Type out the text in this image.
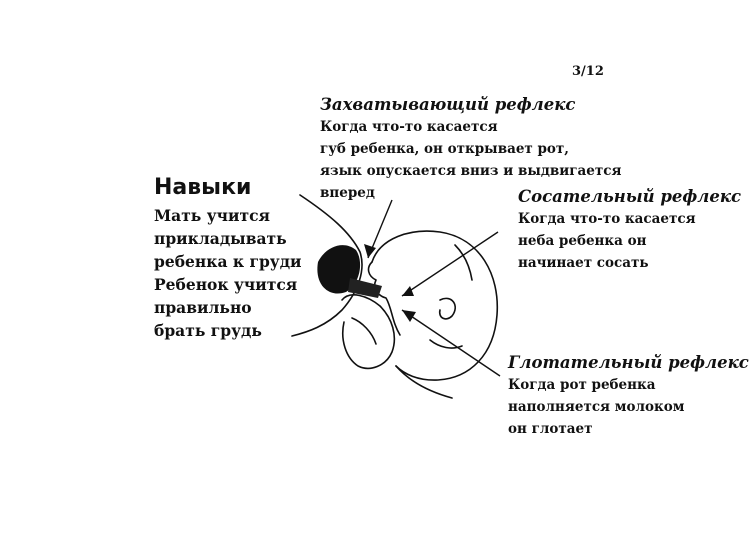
3/12
Навыки
Мать учится
прикладывать
ребенка к груди
Ребенок учится
правильно
брать грудь
Захватывающий рефлекс
Когда что-то касается
губ ребенка, он открывает рот,
язык опускается вниз и выдвигается
вперед	Сосательный рефлекс
Когда что-то касается
неба ребенка он
начинает сосать
Глотательный рефлекс
Когда рот ребенка
наполняется молоком
он глотает
